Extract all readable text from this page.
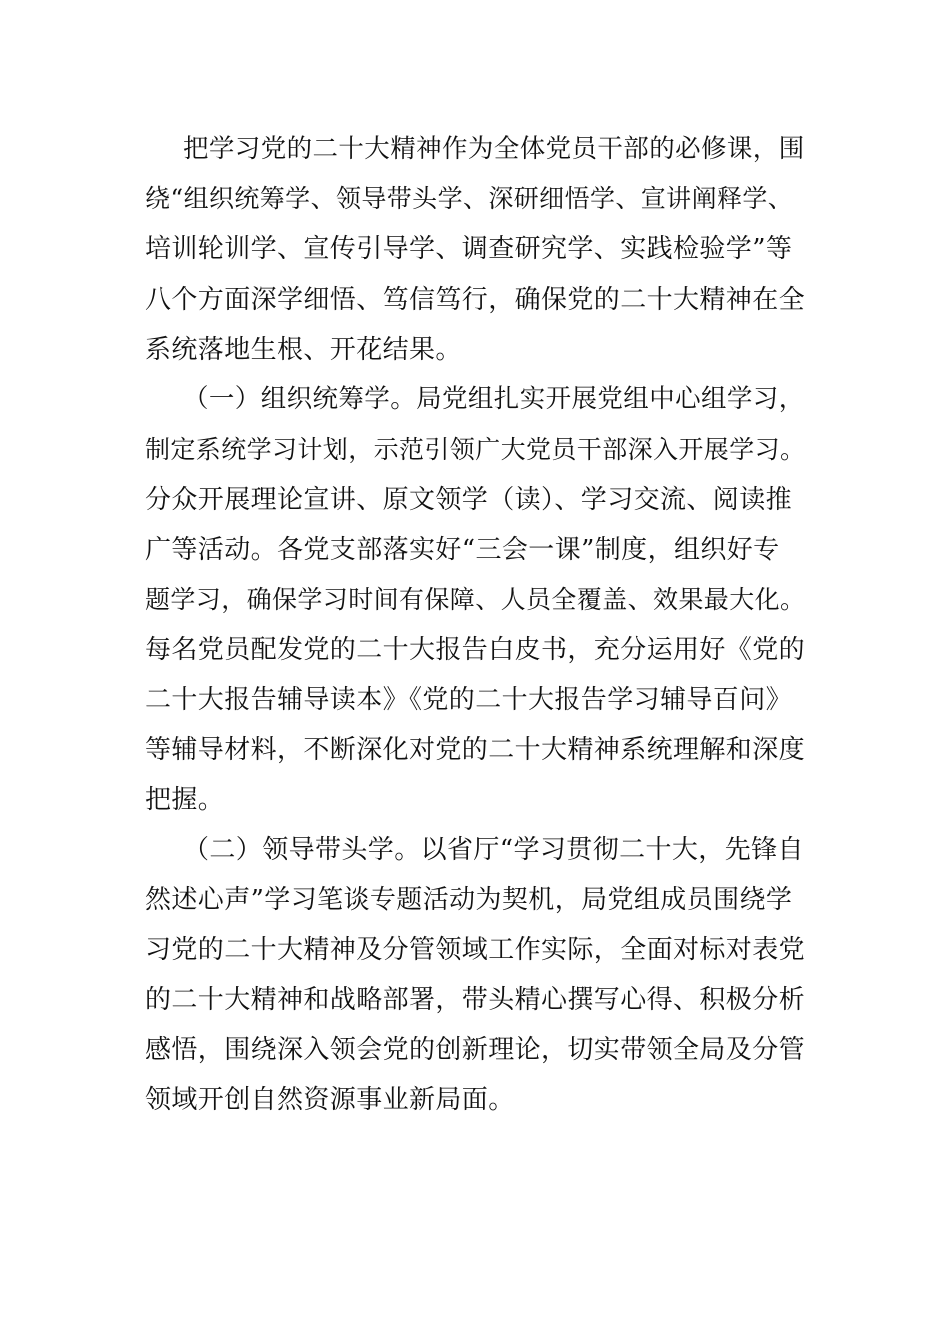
把学习党的二十大精神作为全体党员干部的必修课，围
绕“组织统筹学、领导带头学、深研细悟学、宣讲阐释学、
培训轮训学、宣传引导学、调查研究学、实践检验学”等
八个方面深学细悟、笃信笃行，确保党的二十大精神在全
系统落地生根、开花结果。
（一）组织统筹学。局党组扎实开展党组中心组学习，
制定系统学习计划，示范引领广大党员干部深入开展学习。
分众开展理论宣讲、原文领学（读）、学习交流、阅读推
广等活动。各党支部落实好“三会一课”制度，组织好专
题学习，确保学习时间有保障、人员全覆盖、效果最大化。
每名党员配发党的二十大报告白皮书，充分运用好《党的
二十大报告辅导读本》《党的二十大报告学习辅导百问》
等辅导材料，不断深化对党的二十大精神系统理解和深度
把握。
（二）领导带头学。以省厅“学习贯彻二十大，先锋自
然述心声”学习笔谈专题活动为契机，局党组成员围绕学
习党的二十大精神及分管领域工作实际，全面对标对表党
的二十大精神和战略部署，带头精心撰写心得、积极分析
感悟，围绕深入领会党的创新理论，切实带领全局及分管
领域开创自然资源事业新局面。
